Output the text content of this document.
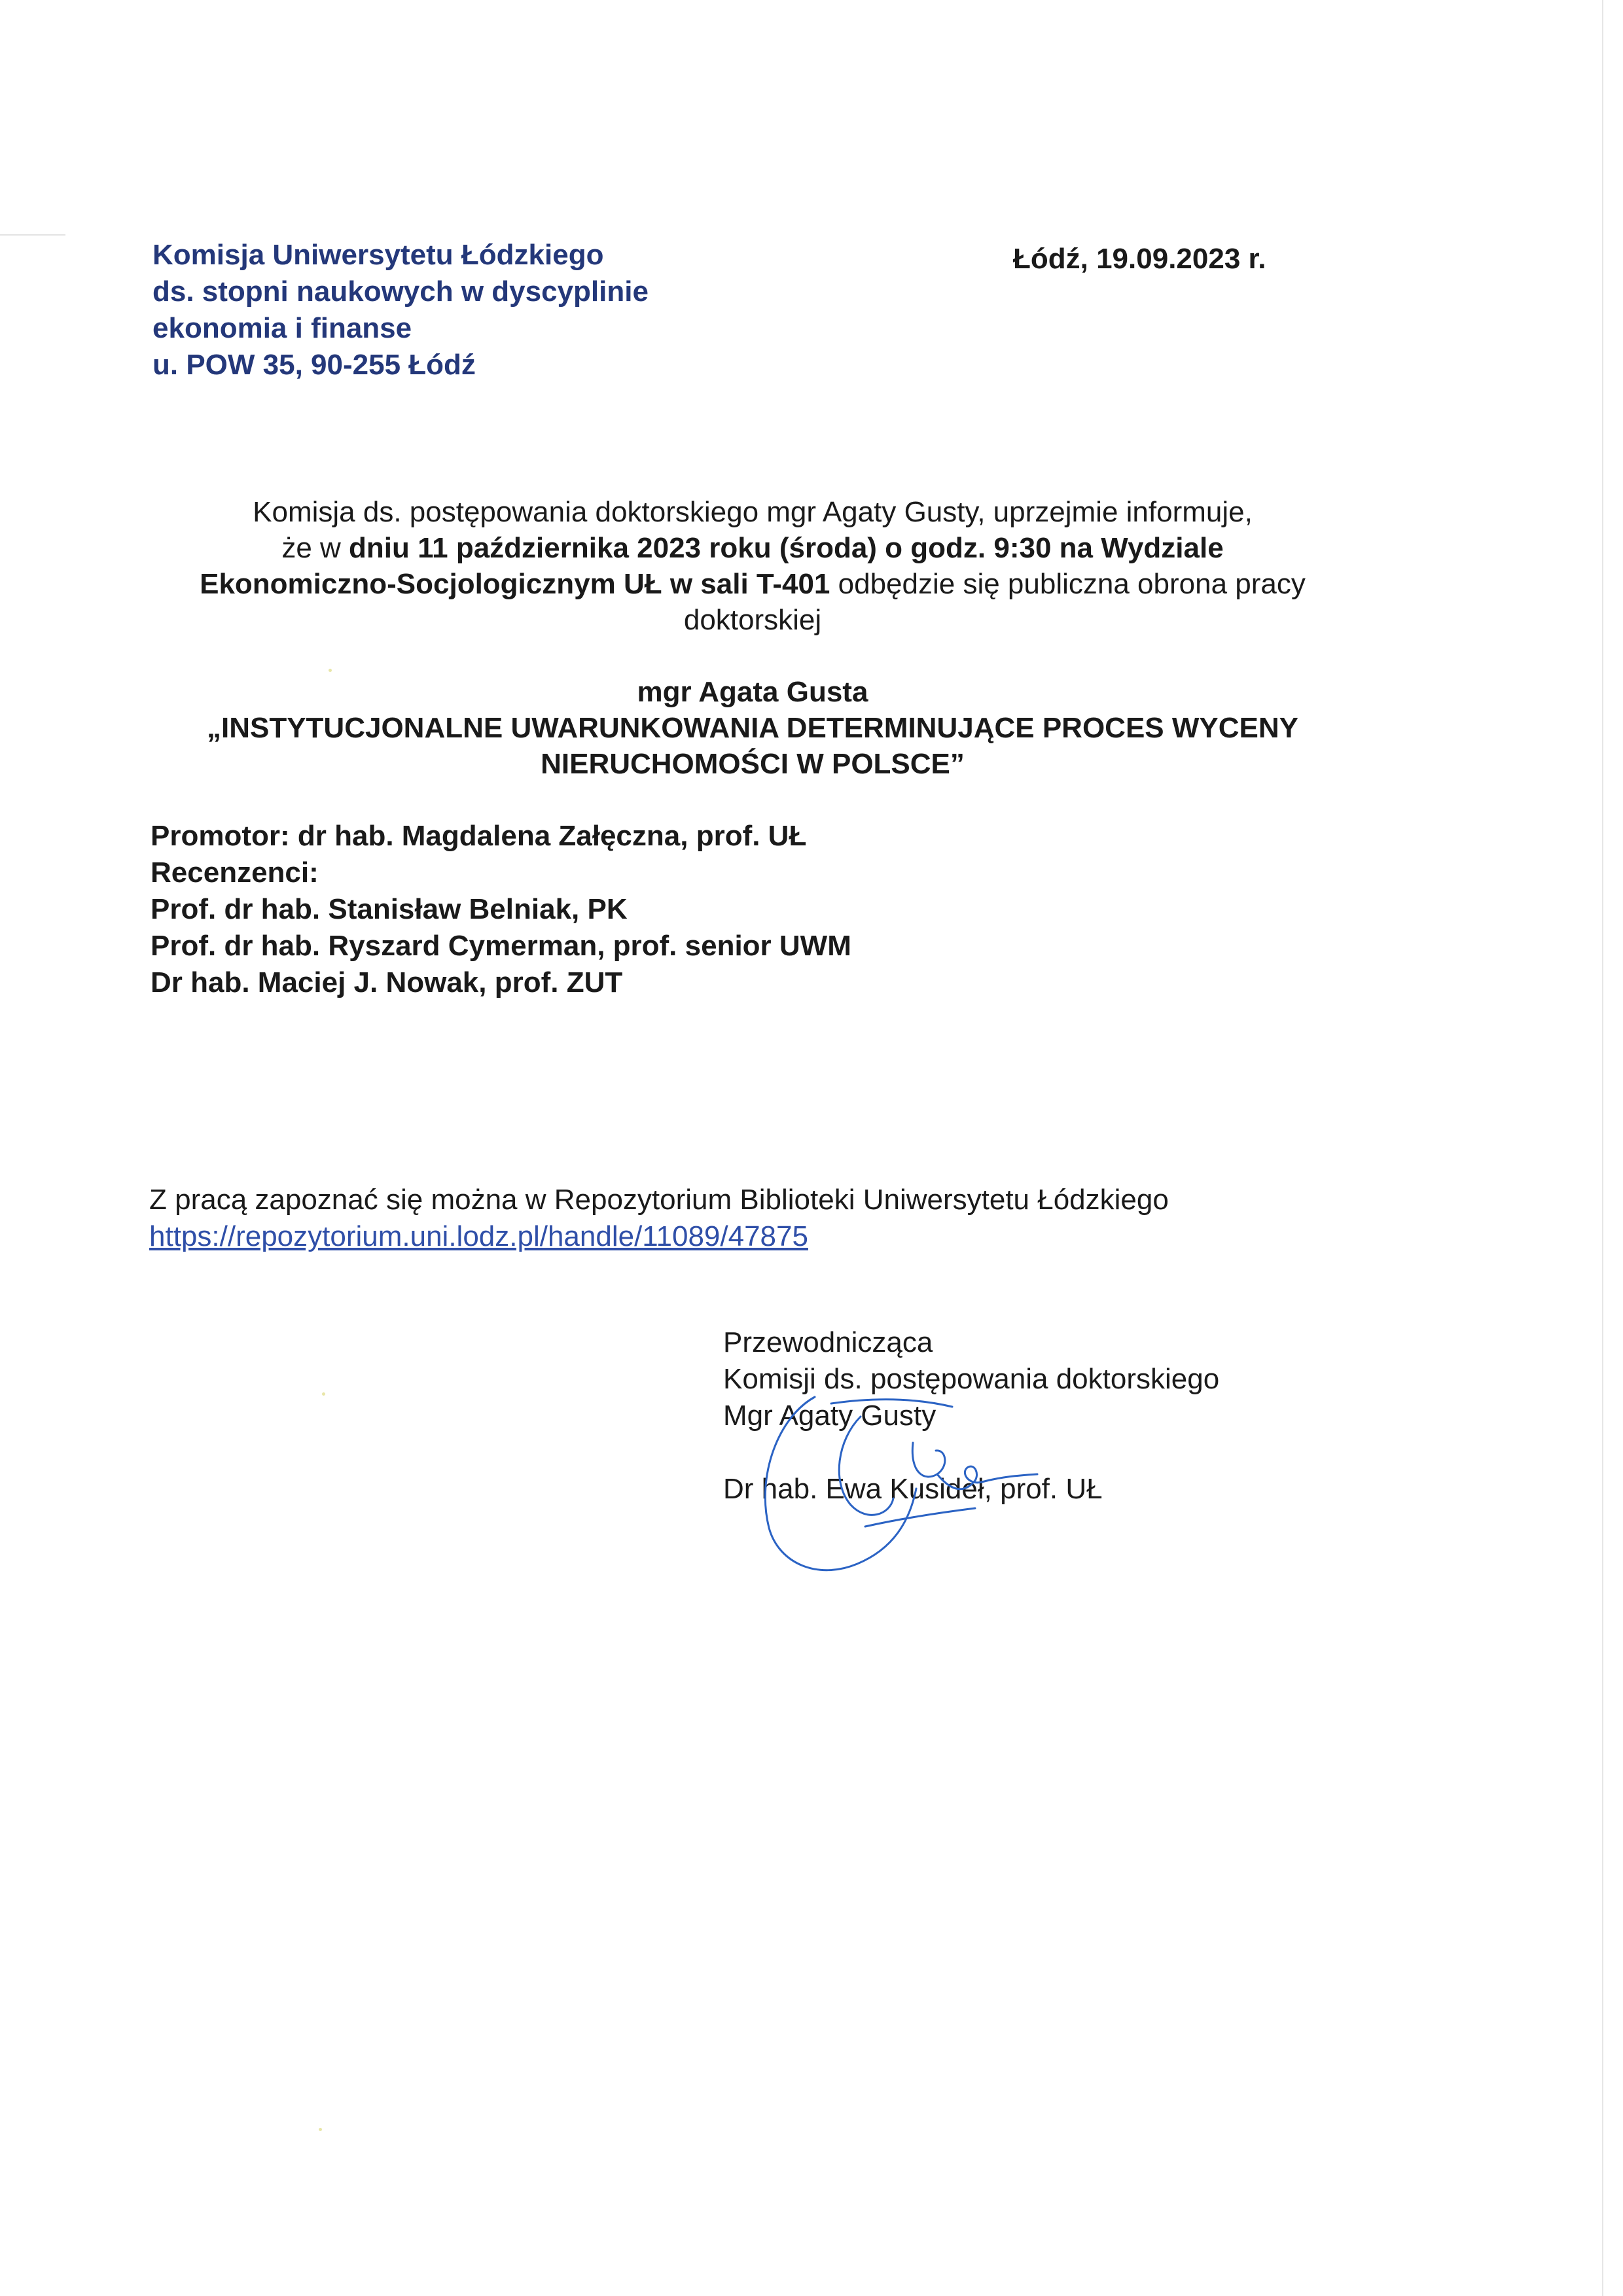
Komisja Uniwersytetu Łódzkiego
ds. stopni naukowych w dyscyplinie
ekonomia i finanse
u. POW 35, 90-255 Łódź
Łódź, 19.09.2023 r.
Komisja ds. postępowania doktorskiego mgr Agaty Gusty, uprzejmie informuje,
że w dniu 11 października 2023 roku (środa) o godz. 9:30 na Wydziale
Ekonomiczno-Socjologicznym UŁ w sali T-401 odbędzie się publiczna obrona pracy
doktorskiej
mgr Agata Gusta
„INSTYTUCJONALNE UWARUNKOWANIA DETERMINUJĄCE PROCES WYCENY
NIERUCHOMOŚCI W POLSCE”
Promotor: dr hab. Magdalena Załęczna, prof. UŁ
Recenzenci:
Prof. dr hab. Stanisław Belniak, PK
Prof. dr hab. Ryszard Cymerman, prof. senior UWM
Dr hab. Maciej J. Nowak, prof. ZUT
Z pracą zapoznać się można w Repozytorium Biblioteki Uniwersytetu Łódzkiego
https://repozytorium.uni.lodz.pl/handle/11089/47875
Przewodnicząca
Komisji ds. postępowania doktorskiego
Mgr Agaty Gusty
Dr hab. Ewa Kusideł, prof. UŁ
